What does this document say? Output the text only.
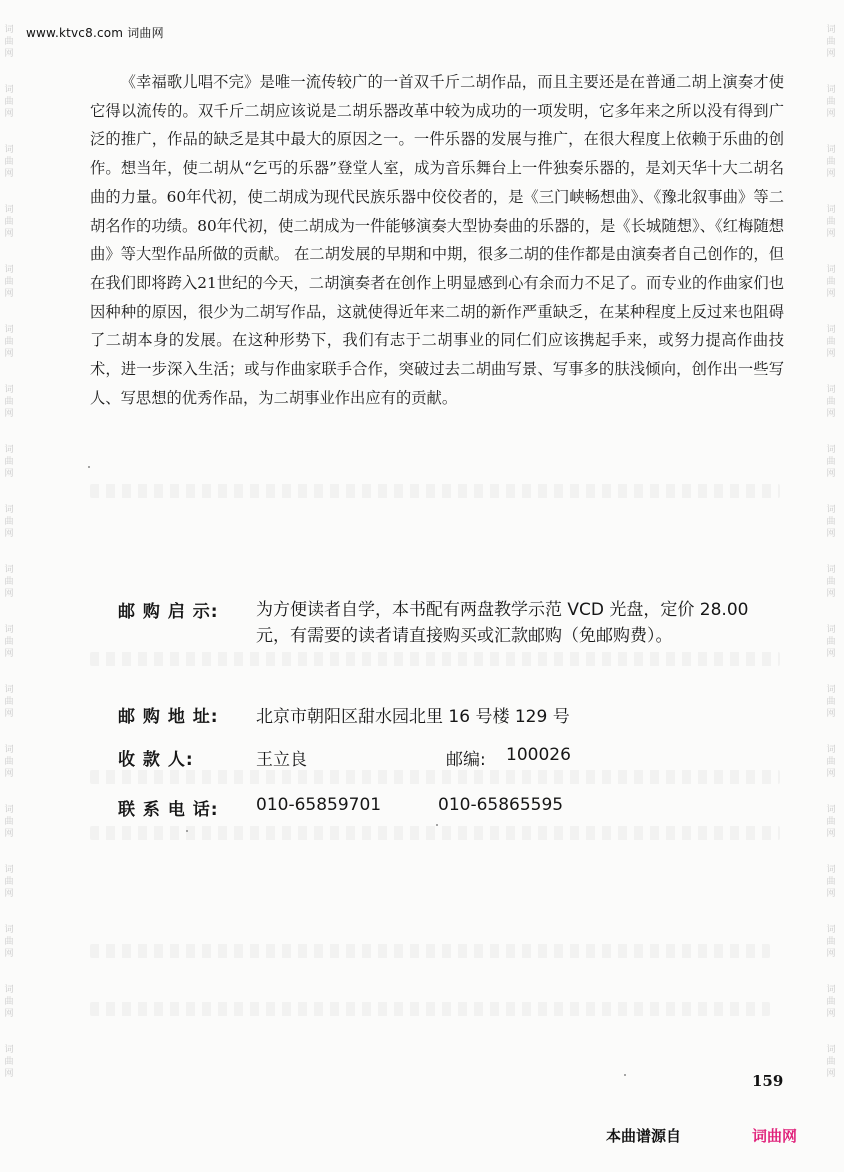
词曲网
词曲网
词曲网
词曲网
词曲网
词曲网
词曲网
词曲网
词曲网
词曲网
词曲网
词曲网
词曲网
词曲网
词曲网
词曲网
词曲网
词曲网
词曲网
词曲网
词曲网
词曲网
词曲网
词曲网
词曲网
词曲网
词曲网
词曲网
词曲网
词曲网
词曲网
词曲网
词曲网
词曲网
词曲网
词曲网
www.ktvc8.com 词曲网

《幸福歌儿唱不完》是唯一流传较广的一首双千斤二胡作品，而且主要还是在普通二胡上演奏才使它得以流传的。双千斤二胡应该说是二胡乐器改革中较为成功的一项发明，它多年来之所以没有得到广泛的推广，作品的缺乏是其中最大的原因之一。一件乐器的发展与推广，在很大程度上依赖于乐曲的创作。想当年，使二胡从“乞丐的乐器”登堂人室，成为音乐舞台上一件独奏乐器的，是刘天华十大二胡名曲的力量。60年代初，使二胡成为现代民族乐器中佼佼者的，是《三门峡畅想曲》、《豫北叙事曲》等二胡名作的功绩。80年代初，使二胡成为一件能够演奏大型协奏曲的乐器的，是《长城随想》、《红梅随想曲》等大型作品所做的贡献。 在二胡发展的早期和中期，很多二胡的佳作都是由演奏者自己创作的，但在我们即将跨入21世纪的今天，二胡演奏者在创作上明显感到心有余而力不足了。而专业的作曲家们也因种种的原因，很少为二胡写作品，这就使得近年来二胡的新作严重缺乏，在某种程度上反过来也阻碍了二胡本身的发展。在这种形势下，我们有志于二胡事业的同仁们应该携起手来，或努力提高作曲技术，进一步深入生活；或与作曲家联手合作，突破过去二胡曲写景、写事多的肤浅倾向，创作出一些写人、写思想的优秀作品，为二胡事业作出应有的贡献。

邮 购 启 示: 为方便读者自学，本书配有两盘教学示范 VCD 光盘，定价 28.00 元，有需要的读者请直接购买或汇款邮购（免邮购费）。
邮 购 地 址: 北京市朝阳区甜水园北里 16 号楼 129 号
收 款 人:	王立良	邮编: 100026
联 系 电 话: 010-65859701	010-65865595
159
本曲谱源自	词曲网
